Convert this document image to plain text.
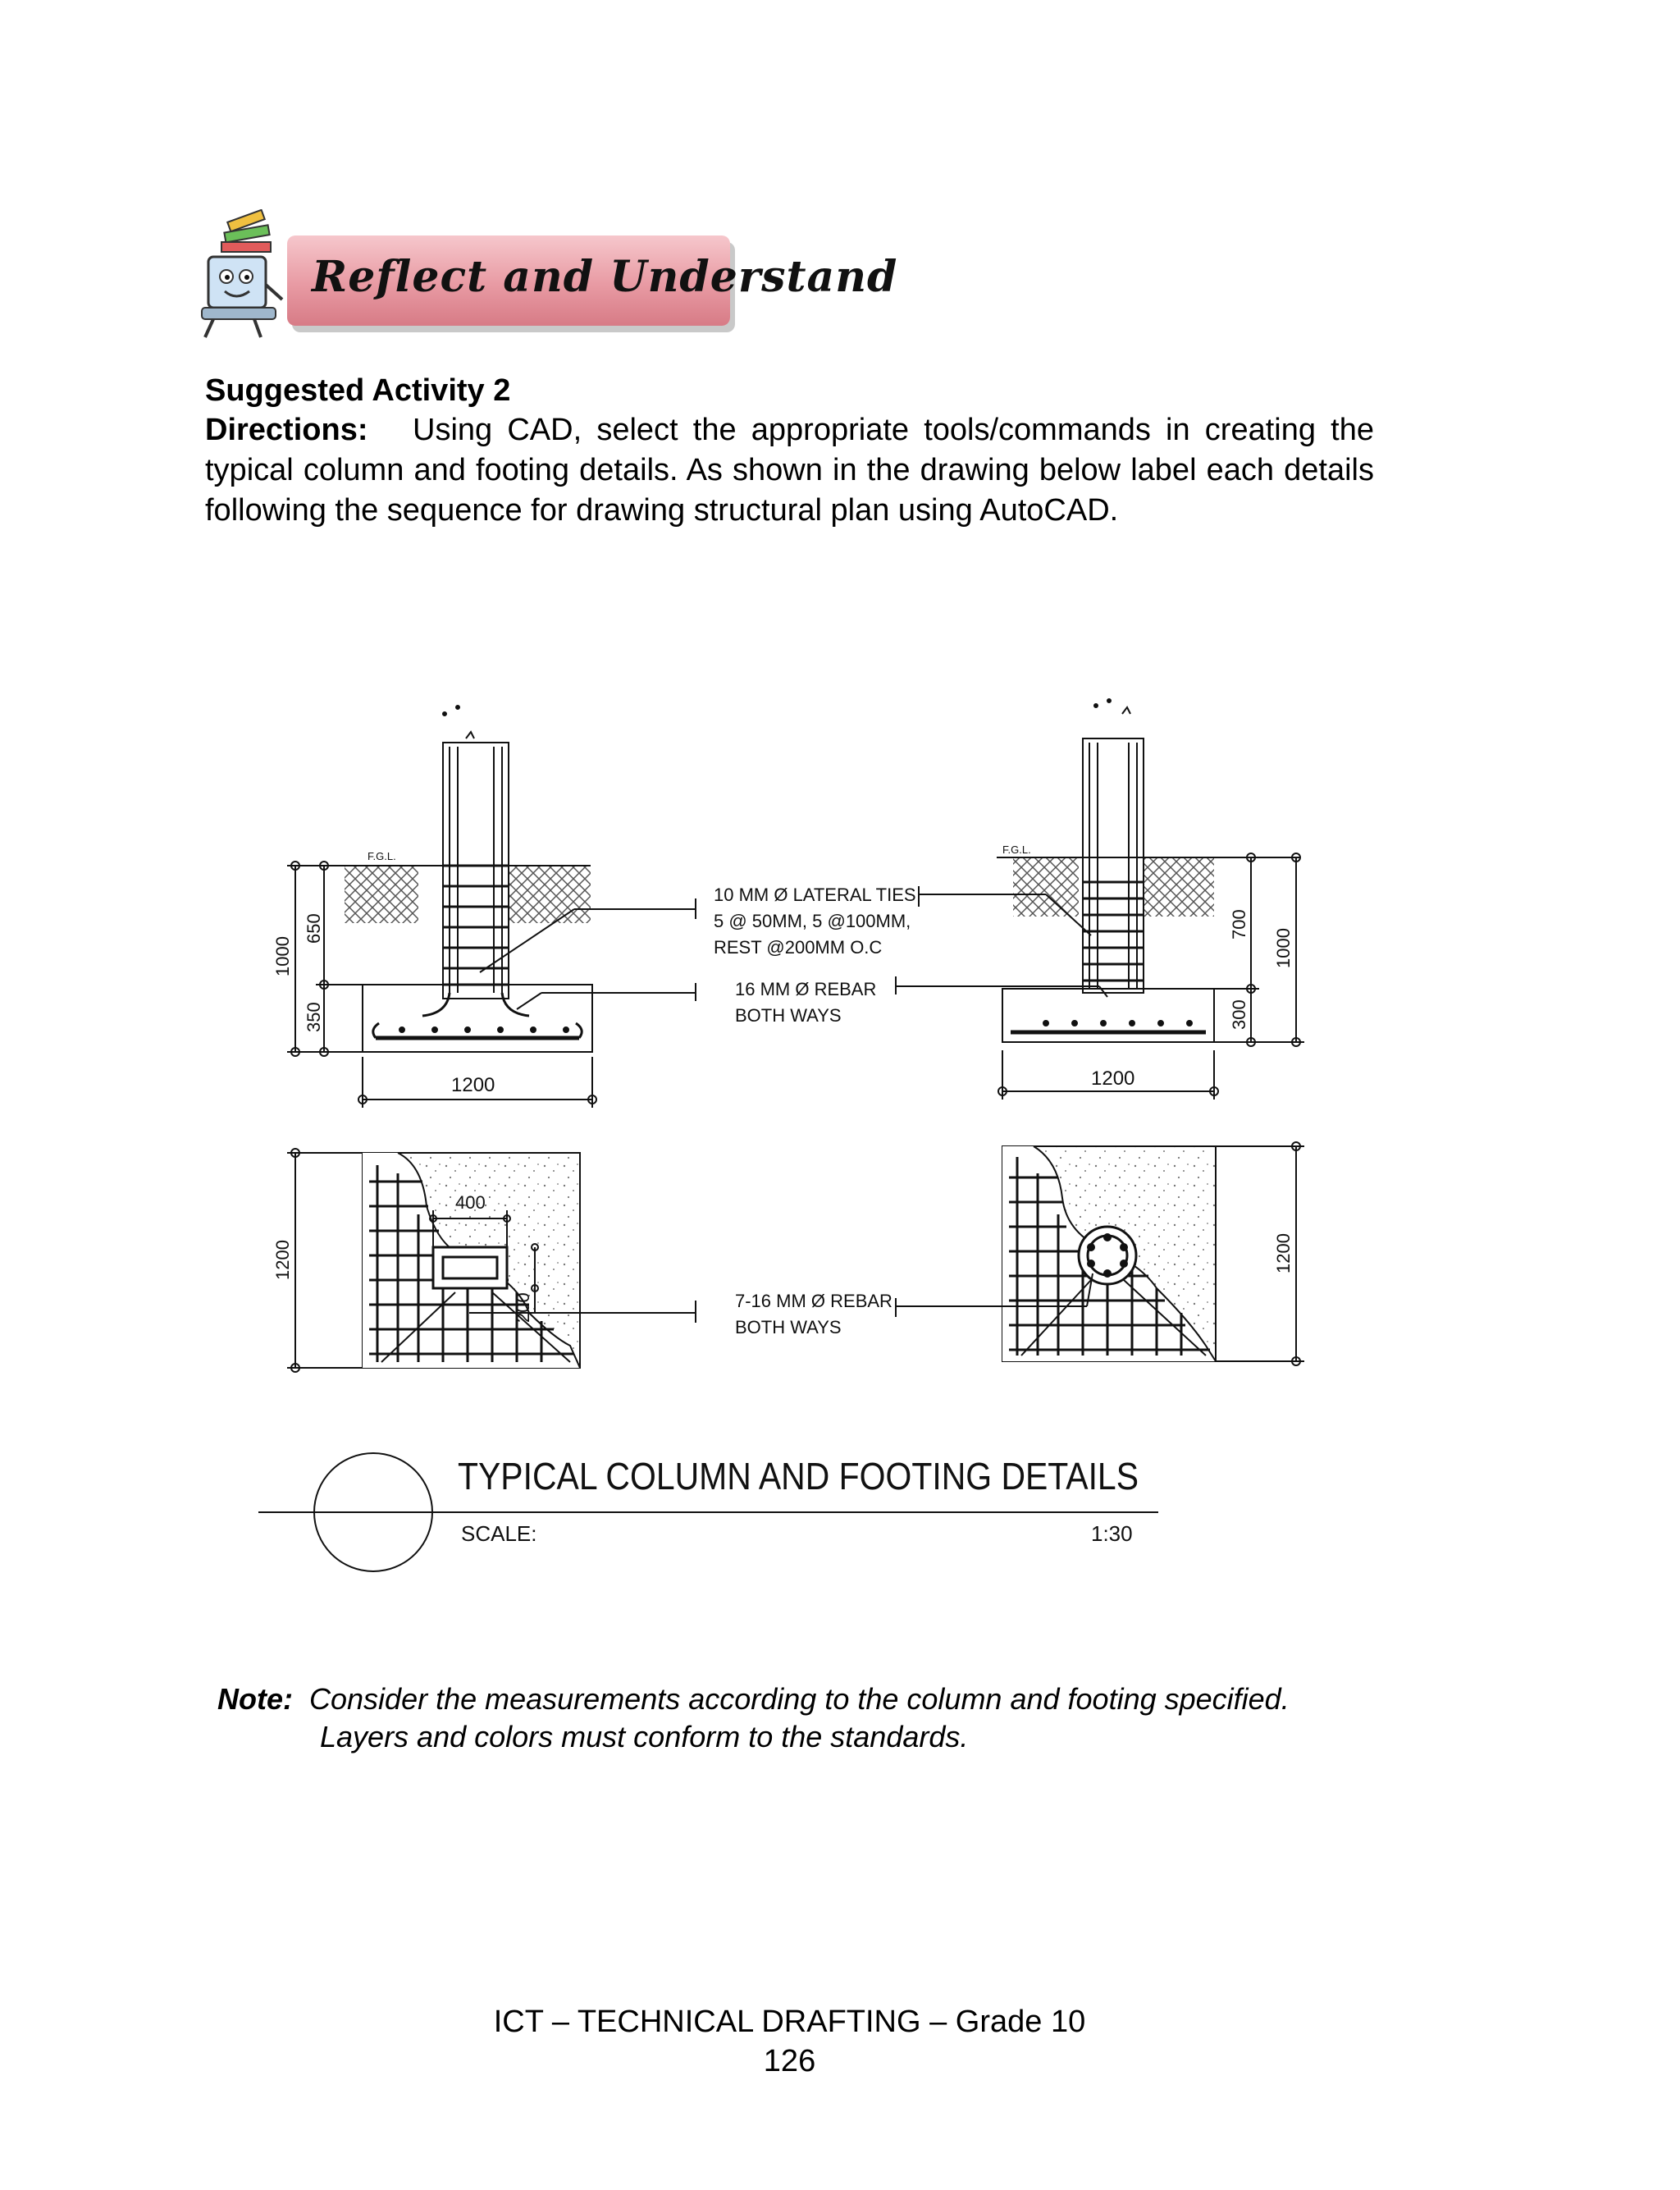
Reflect and Understand
Suggested Activity 2
Directions: Using CAD, select the appropriate tools/commands in creating the typical column and footing details. As shown in the drawing below label each details following the sequence for drawing structural plan using AutoCAD.
F.G.L.
1000
650
350
1200
F.G.L.
700
300
1000
1200
10 MM Ø LATERAL TIES
5 @ 50MM, 5 @100MM,
REST @200MM O.C
16 MM Ø REBAR
BOTH WAYS
400
200
1200	1200
7-16 MM Ø REBAR
BOTH WAYS
TYPICAL COLUMN AND FOOTING DETAILS
SCALE:	1:30
Note: Consider the measurements according to the column and footing specified.
Layers and colors must conform to the standards.
ICT – TECHNICAL DRAFTING – Grade 10
126
